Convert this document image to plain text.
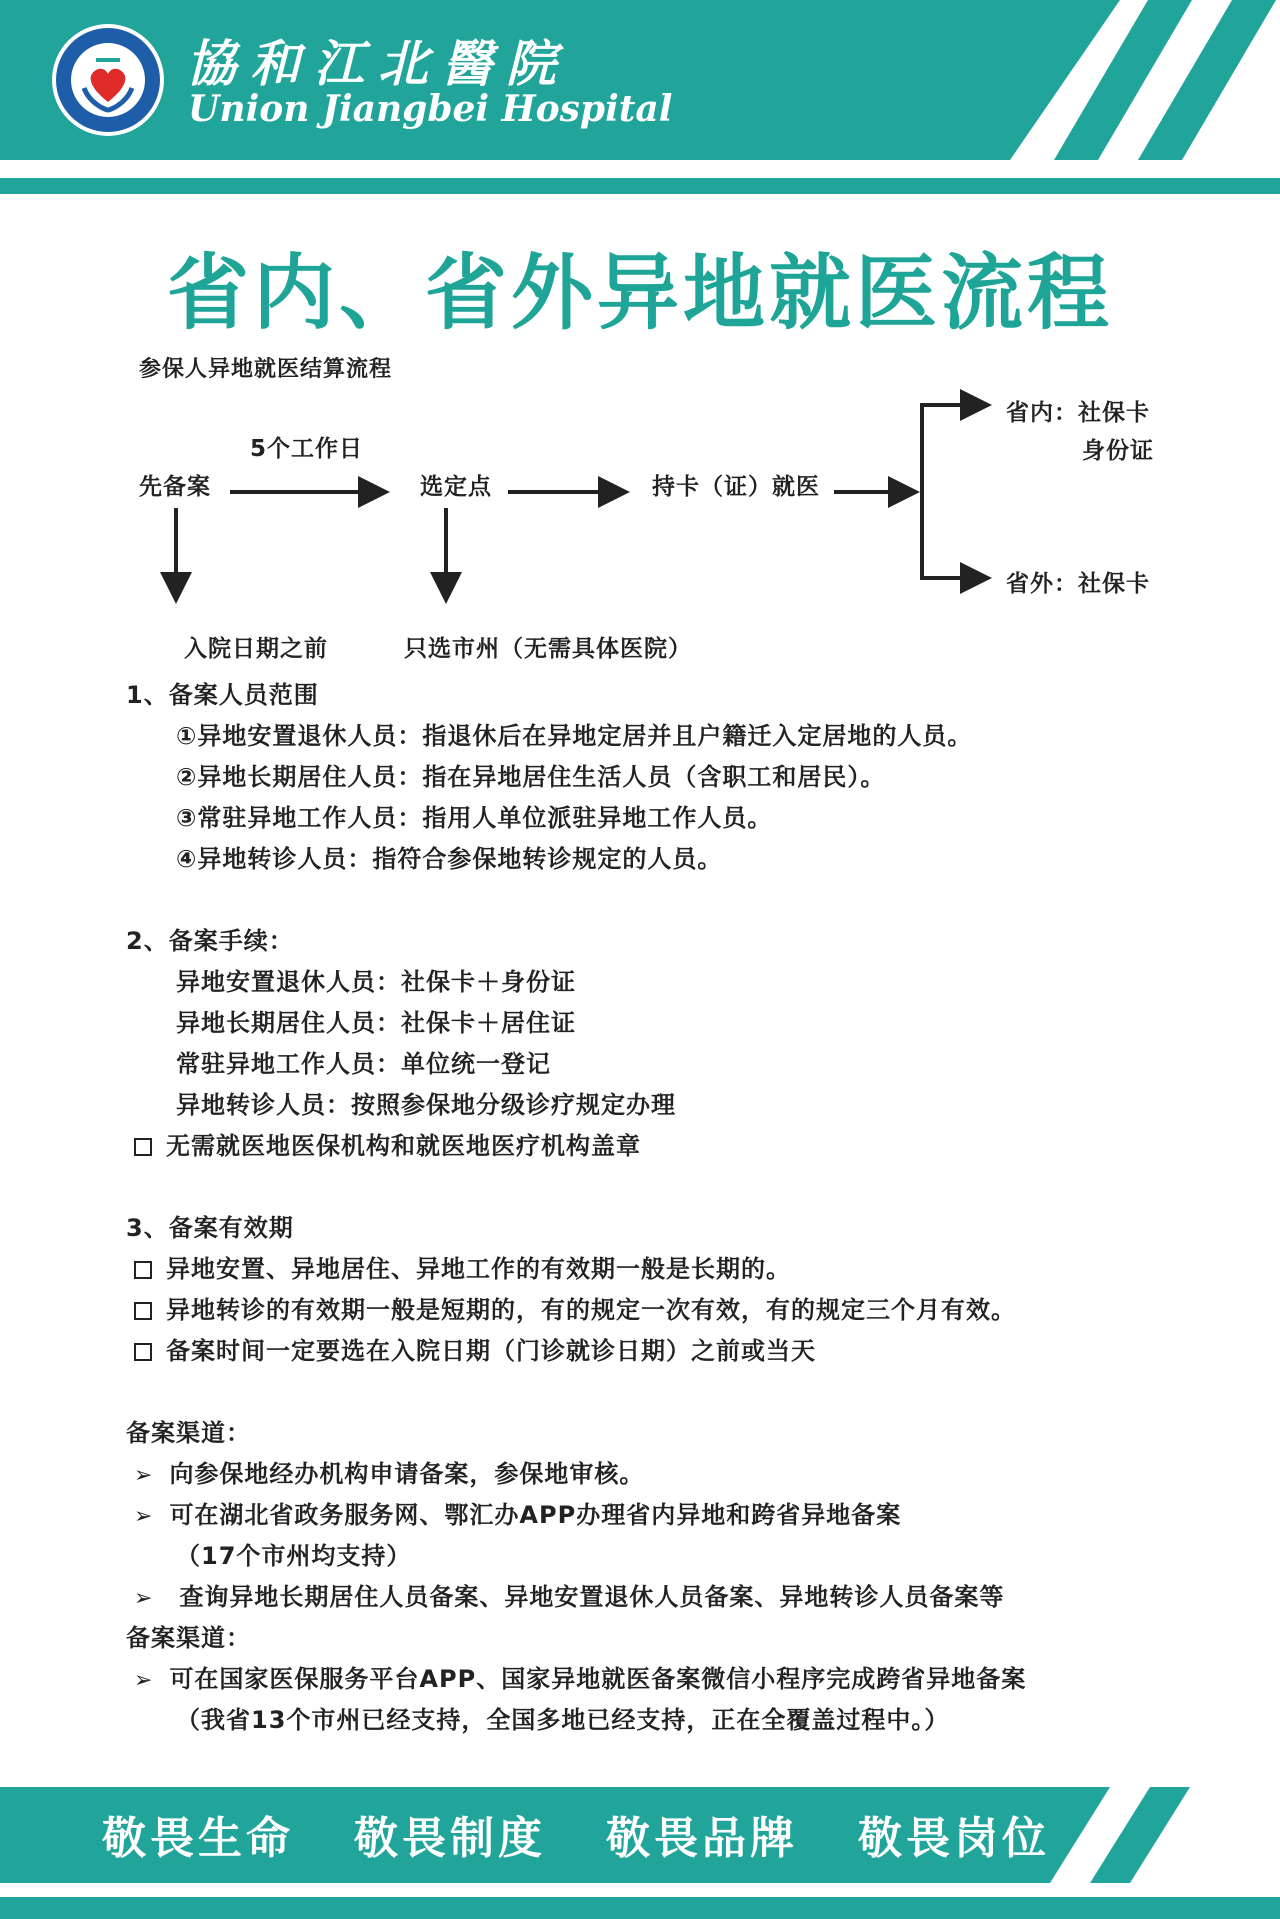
協和江北醫院
Union Jiangbei Hospital
省内、省外异地就医流程
参保人异地就医结算流程
先备案
5个工作日
选定点	持卡（证）就医
省内：社保卡
身份证
省外：社保卡
入院日期之前	只选市州（无需具体医院）
1、备案人员范围
①异地安置退休人员：指退休后在异地定居并且户籍迁入定居地的人员。
②异地长期居住人员：指在异地居住生活人员（含职工和居民）。
③常驻异地工作人员：指用人单位派驻异地工作人员。
④异地转诊人员：指符合参保地转诊规定的人员。
2、备案手续：
异地安置退休人员：社保卡＋身份证
异地长期居住人员：社保卡＋居住证
常驻异地工作人员：单位统一登记
异地转诊人员：按照参保地分级诊疗规定办理
无需就医地医保机构和就医地医疗机构盖章
3、备案有效期
异地安置、异地居住、异地工作的有效期一般是长期的。
异地转诊的有效期一般是短期的，有的规定一次有效，有的规定三个月有效。
备案时间一定要选在入院日期（门诊就诊日期）之前或当天
备案渠道：
➢ 向参保地经办机构申请备案，参保地审核。
➢ 可在湖北省政务服务网、鄂汇办APP办理省内异地和跨省异地备案
（17个市州均支持）
➢ 查询异地长期居住人员备案、异地安置退休人员备案、异地转诊人员备案等
备案渠道：
➢ 可在国家医保服务平台APP、国家异地就医备案微信小程序完成跨省异地备案
（我省13个市州已经支持，全国多地已经支持，正在全覆盖过程中。）
敬畏生命 敬畏制度 敬畏品牌 敬畏岗位
